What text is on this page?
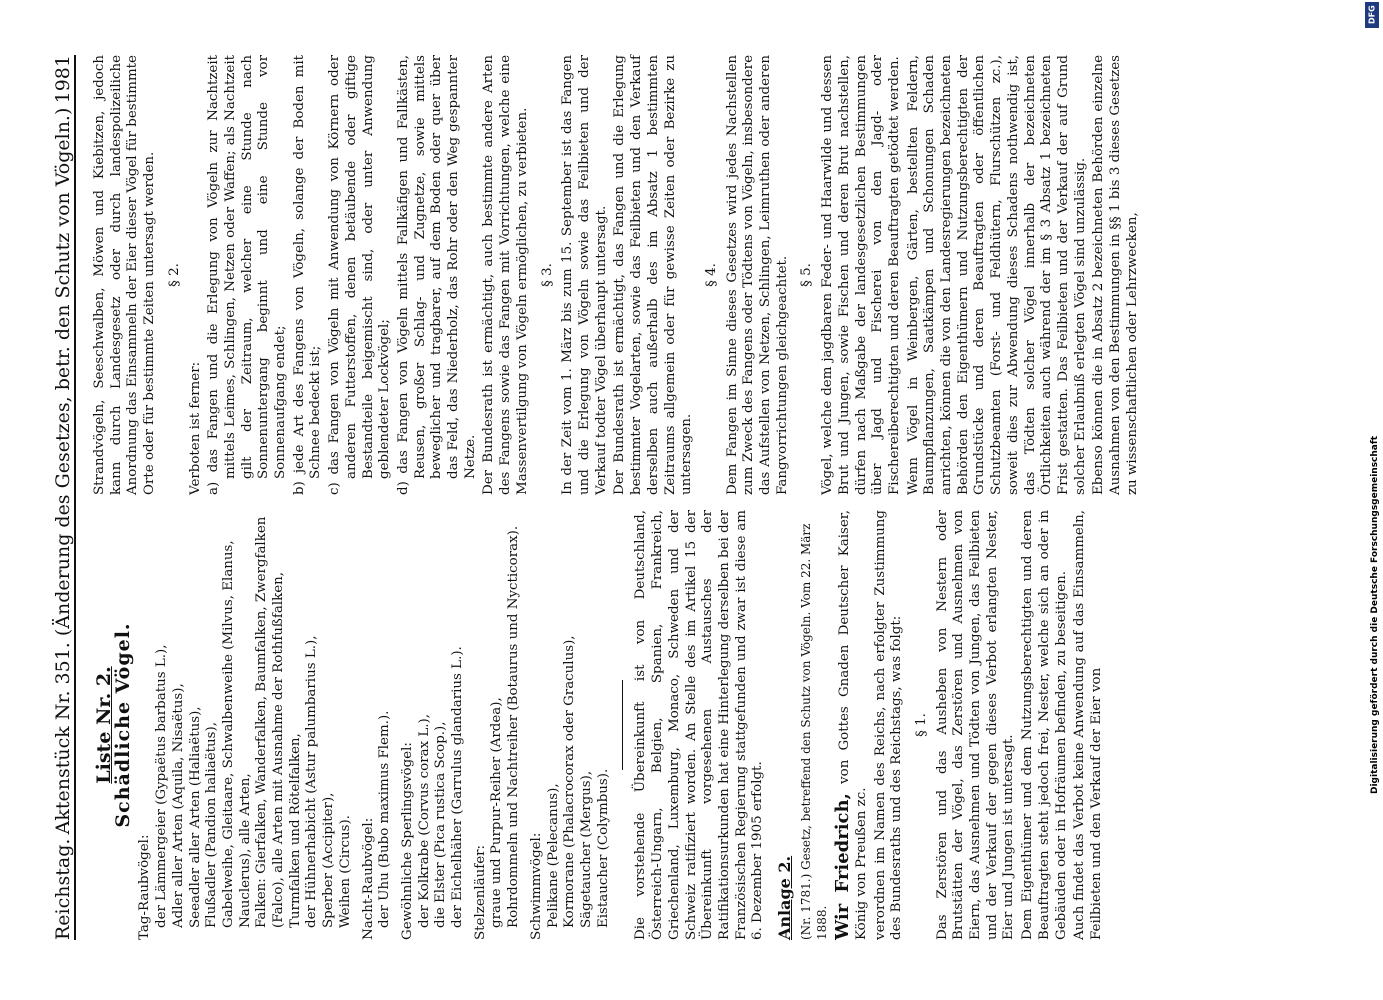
Reichstag.
Aktenstück Nr. 351. (Änderung des Gesetzes, betr. den Schutz von Vögeln.)
1981
Liste Nr. 2.
Schädliche Vögel.
Tag-Raubvögel: der Lämmergeier (Gypaëtus barbatus L.), Adler aller Arten (Aquila, Nisaëtus), Seeadler aller Arten (Haliaëtus), Flußadler (Pandion haliaëtus), Gabelweihe, Gleitaare, Schwalbenweihe (Milvus, Elanus, Nauclerus), alle Arten, Falken: Gierfalken, Wanderfalken, Baumfalken, Zwergfalken (Falco), alle Arten mit Ausnahme der Rothfußfalken, Turmfalken und Rötelfalken, der Hühnerhabicht (Astur palumbarius L.), Sperber (Accipiter), Weihen (Circus). Nacht-Raubvögel: der Uhu (Bubo maximus Flem.). Gewöhnliche Sperlingsvögel: der Kolkrabe (Corvus corax L.), die Elster (Pica rustica Scop.), der Eichelhäher (Garrulus glandarius L.). Stelzenläufer: graue und Purpur-Reiher (Ardea), Rohrdommeln und Nachtreiher (Botaurus und Nycticorax). Schwimmvögel: Pelikane (Pelecanus), Kormorane (Phalacrocorax oder Graculus), Sägetaucher (Mergus), Eistaucher (Colymbus). Die vorstehende Übereinkunft ist von Deutschland, Österreich-Ungarn, Belgien, Spanien, Frankreich, Griechenland, Luxemburg, Monaco, Schweden und der Schweiz ratifiziert worden. An Stelle des im Artikel 15 der Übereinkunft vorgesehenen Austausches der Ratifikationsurkunden hat eine Hinterlegung derselben bei der Französischen Regierung stattgefunden und zwar ist diese am 6. Dezember 1905 erfolgt. Anlage 2. (Nr. 1781.) Gesetz, betreffend den Schutz von Vögeln. Vom 22. März 1888. Wir Friedrich, von Gottes Gnaden Deutscher Kaiser, König von Preußen zc. verordnen im Namen des Reichs, nach erfolgter Zustimmung des Bundesraths und des Reichstags, was folgt: § 1. Das Zerstören und das Ausheben von Nestern oder Brutstätten der Vögel, das Zerstören und Ausnehmen von Eiern, das Ausnehmen und Tödten von Jungen, das Feilbieten und der Verkauf der gegen dieses Verbot erlangten Nester, Eier und Jungen ist untersagt. Dem Eigenthümer und dem Nutzungsberechtigten und deren Beauftragten steht jedoch frei, Nester, welche sich an oder in Gebäuden oder in Hofräumen befinden, zu beseitigen. Auch findet das Verbot keine Anwendung auf das Einsammeln, Feilbieten und den Verkauf der Eier von

Strandvögeln, Seeschwalben, Möwen und Kiebitzen, jedoch kann durch Landesgesetz oder durch landespolizeiliche Anordnung das Einsammeln der Eier dieser Vögel für bestimmte Orte oder für bestimmte Zeiten untersagt werden. § 2.

Verboten ist ferner: a) das Fangen und die Erlegung von Vögeln zur Nachtzeit mittels Leimes, Schlingen, Netzen oder Waffen; als Nachtzeit gilt der Zeitraum, welcher eine Stunde nach Sonnenuntergang beginnt und eine Stunde vor Sonnenaufgang endet; b) jede Art des Fangens von Vögeln, solange der Boden mit Schnee bedeckt ist; c) das Fangen von Vögeln mit Anwendung von Körnern oder anderen Futterstoffen, denen betäubende oder giftige Bestandteile beigemischt sind, oder unter Anwendung geblendeter Lockvögel; d) das Fangen von Vögeln mittels Fallkäfigen und Fallkästen, Reusen, großer Schlag- und Zugnetze, sowie mittels beweglicher und tragbarer, auf dem Boden oder quer über das Feld, das Niederholz, das Rohr oder den Weg gespannter Netze. Der Bundesrath ist ermächtigt, auch bestimmte andere Arten des Fangens sowie das Fangen mit Vorrichtungen, welche eine Massenvertilgung von Vögeln ermöglichen, zu verbieten. § 3. In der Zeit vom 1. März bis zum 15. September ist das Fangen und die Erlegung von Vögeln sowie das Feilbieten und der Verkauf todter Vögel überhaupt untersagt. Der Bundesrath ist ermächtigt, das Fangen und die Erlegung bestimmter Vogelarten, sowie das Feilbieten und den Verkauf derselben auch außerhalb des im Absatz 1 bestimmten Zeitraums allgemein oder für gewisse Zeiten oder Bezirke zu untersagen.

§ 4. Dem Fangen im Sinne dieses Gesetzes wird jedes Nachstellen zum Zweck des Fangens oder Tödtens von Vögeln, insbesondere das Aufstellen von Netzen, Schlingen, Leimruthen oder anderen Fangvorrichtungen gleichgeachtet. § 5. Vögel, welche dem jagdbaren Feder- und Haarwilde und dessen Brut und Jungen, sowie Fischen und deren Brut nachstellen, dürfen nach Maßgabe der landesgesetzlichen Bestimmungen über Jagd und Fischerei von den Jagd- oder Fischereiberechtigten und deren Beauftragten getödtet werden. Wenn Vögel in Weinbergen, Gärten, bestellten Feldern, Baumpflanzungen, Saatkämpen und Schonungen Schaden anrichten, können die von den Landesregierungen bezeichneten Behörden den Eigenthümern und Nutzungsberechtigten der Grundstücke und deren Beauftragten oder öffentlichen Schutzbeamten (Forst- und Feldhütern, Flurschützen zc.), soweit dies zur Abwendung dieses Schadens nothwendig ist, das Tödten solcher Vögel innerhalb der bezeichneten Örtlichkeiten auch während der im § 3 Absatz 1 bezeichneten Frist gestatten. Das Feilbieten und der Verkauf der auf Grund solcher Erlaubniß erlegten Vögel sind unzulässig. Ebenso können die in Absatz 2 bezeichneten Behörden einzelne Ausnahmen von den Bestimmungen in §§ 1 bis 3 dieses Gesetzes zu wissenschaftlichen oder Lehrzwecken,

DFG
Digitalisierung gefördert durch die Deutsche Forschungsgemeinschaft
